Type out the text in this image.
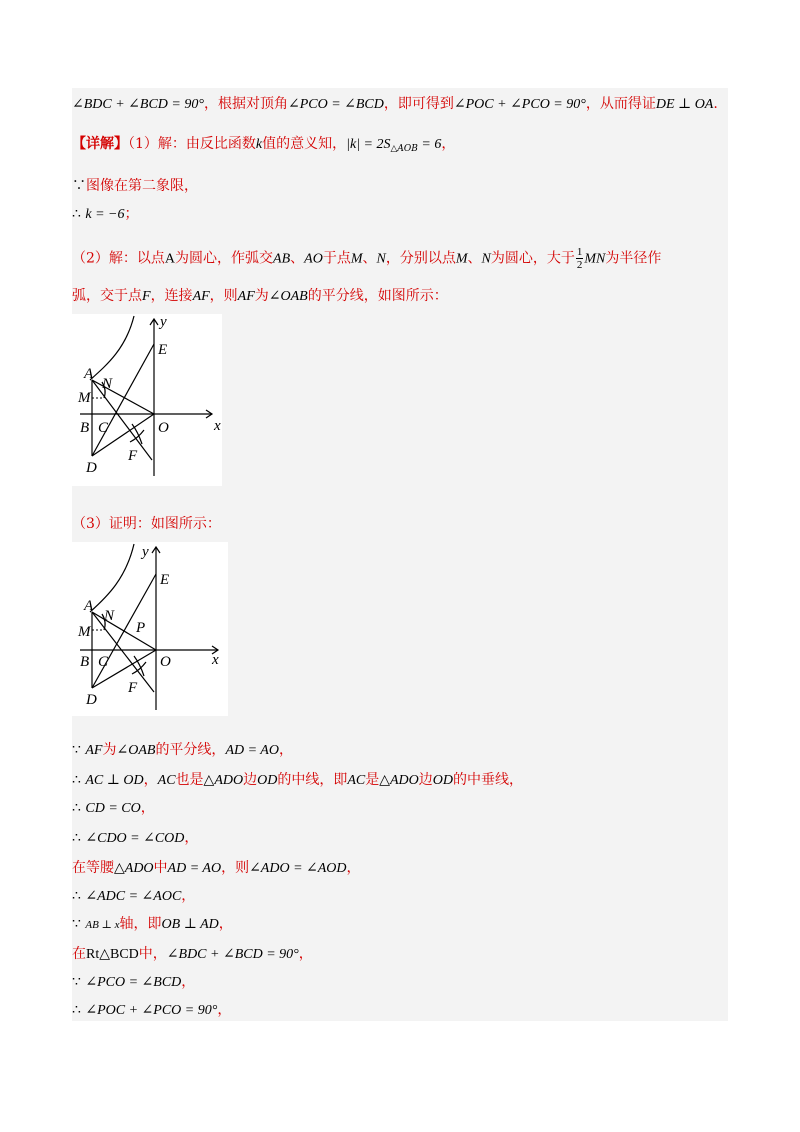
∠BDC + ∠BCD = 90°，根据对顶角∠PCO = ∠BCD，即可得到∠POC + ∠PCO = 90°，从而得证DE ⊥ OA.
【详解】（1）解：由反比函数k值的意义知，$|k| = 2S_{\triangle AOB} = 6$，
∵图像在第二象限，
∴ k = −6；
（2）解：以点A为圆心，作弧交AB、AO于点M、N，分别以点M、N为圆心，大于 $\frac{1}{2}$ MN为半径作
弧，交于点F，连接AF，则AF为∠OAB的平分线，如图所示：
y
x
E
A
N
M
B C	O
F
D
（3）证明：如图所示：
y
x
E
A
N
M	P
B C	O
F
D
∵ AF为∠OAB的平分线，AD = AO，
∴ AC ⊥ OD，AC也是△ADO边OD的中线，即AC是△ADO边OD的中垂线，
∴ CD = CO，
∴ ∠CDO = ∠COD，
在等腰△ADO中AD = AO，则∠ADO = ∠AOD，
∴ ∠ADC = ∠AOC，
∵ AB ⊥ x轴，即OB ⊥ AD，
在Rt△BCD中，∠BDC + ∠BCD = 90°，
∵ ∠PCO = ∠BCD，
∴ ∠POC + ∠PCO = 90°，
